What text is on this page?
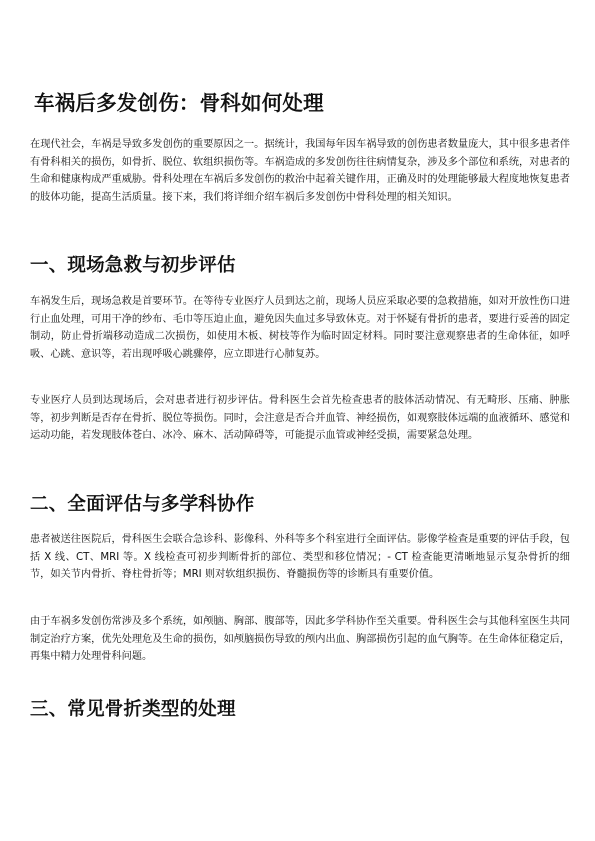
车祸后多发创伤：骨科如何处理

在现代社会，车祸是导致多发创伤的重要原因之一。据统计，我国每年因车祸导致的创伤患者数量庞大，其中很多患者伴有骨科相关的损伤，如骨折、脱位、软组织损伤等。车祸造成的多发创伤往往病情复杂，涉及多个部位和系统，对患者的生命和健康构成严重威胁。骨科处理在车祸后多发创伤的救治中起着关键作用，正确及时的处理能够最大程度地恢复患者的肢体功能，提高生活质量。接下来，我们将详细介绍车祸后多发创伤中骨科处理的相关知识。

一、现场急救与初步评估

车祸发生后，现场急救是首要环节。在等待专业医疗人员到达之前，现场人员应采取必要的急救措施，如对开放性伤口进行止血处理，可用干净的纱布、毛巾等压迫止血，避免因失血过多导致休克。对于怀疑有骨折的患者，要进行妥善的固定制动，防止骨折端移动造成二次损伤，如使用木板、树枝等作为临时固定材料。同时要注意观察患者的生命体征，如呼吸、心跳、意识等，若出现呼吸心跳骤停，应立即进行心肺复苏。

专业医疗人员到达现场后，会对患者进行初步评估。骨科医生会首先检查患者的肢体活动情况、有无畸形、压痛、肿胀等，初步判断是否存在骨折、脱位等损伤。同时，会注意是否合并血管、神经损伤，如观察肢体远端的血液循环、感觉和运动功能，若发现肢体苍白、冰冷、麻木、活动障碍等，可能提示血管或神经受损，需要紧急处理。

二、全面评估与多学科协作

患者被送往医院后，骨科医生会联合急诊科、影像科、外科等多个科室进行全面评估。影像学检查是重要的评估手段，包括 X 线、CT、MRI 等。X 线检查可初步判断骨折的部位、类型和移位情况；- CT 检查能更清晰地显示复杂骨折的细节，如关节内骨折、脊柱骨折等；MRI 则对软组织损伤、脊髓损伤等的诊断具有重要价值。

由于车祸多发创伤常涉及多个系统，如颅脑、胸部、腹部等，因此多学科协作至关重要。骨科医生会与其他科室医生共同制定治疗方案，优先处理危及生命的损伤，如颅脑损伤导致的颅内出血、胸部损伤引起的血气胸等。在生命体征稳定后，再集中精力处理骨科问题。

三、常见骨折类型的处理
